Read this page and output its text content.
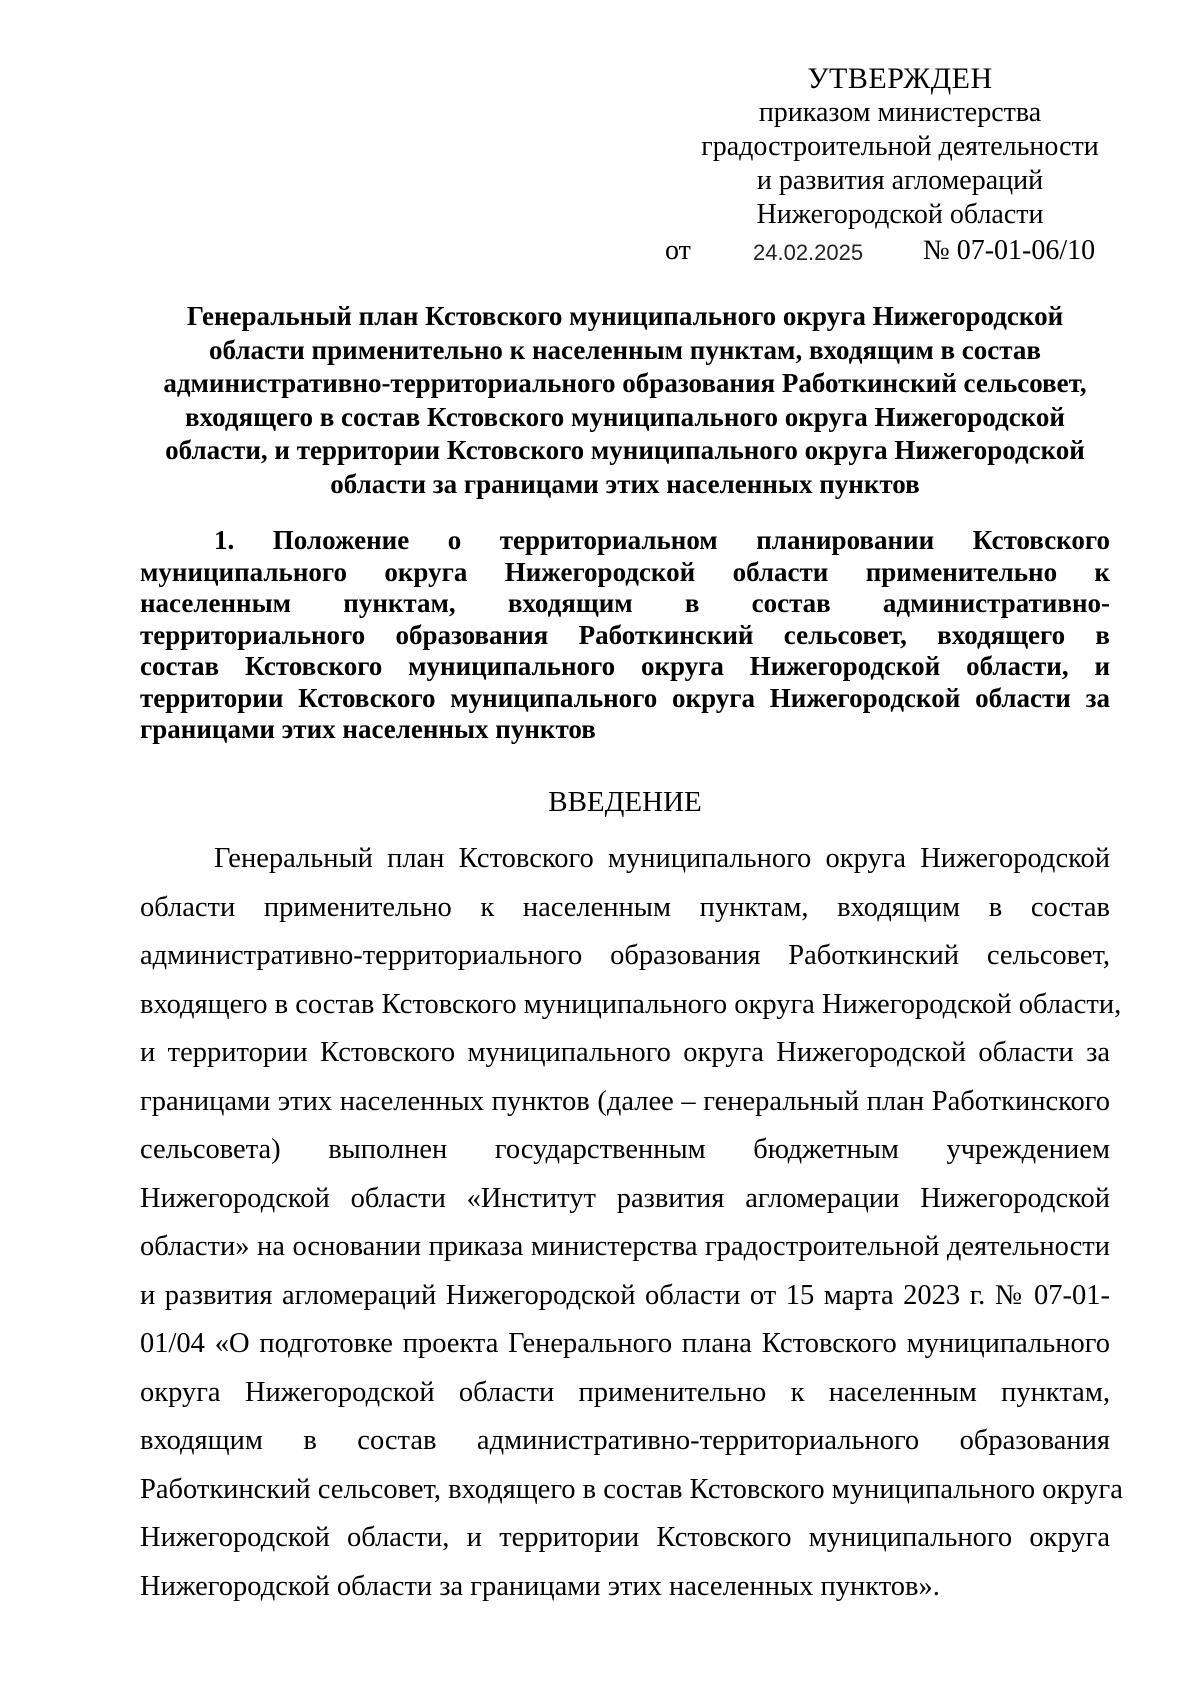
УТВЕРЖДЕН
приказом министерства
градостроительной деятельности
и развития агломераций
Нижегородской области
от	24.02.2025 № 07-01-06/10
Генеральный план Кстовского муниципального округа Нижегородской
области применительно к населенным пунктам, входящим в состав
административно-территориального образования Работкинский сельсовет,
входящего в состав Кстовского муниципального округа Нижегородской
области, и территории Кстовского муниципального округа Нижегородской
области за границами этих населенных пунктов
1. Положение о территориальном планировании Кстовского
муниципального округа Нижегородской области применительно к
населенным пунктам, входящим в состав административно-
территориального образования Работкинский сельсовет, входящего в
состав Кстовского муниципального округа Нижегородской области, и
территории Кстовского муниципального округа Нижегородской области за
границами этих населенных пунктов
ВВЕДЕНИЕ
Генеральный план Кстовского муниципального округа Нижегородской
области применительно к населенным пунктам, входящим в состав
административно-территориального образования Работкинский сельсовет,
входящего в состав Кстовского муниципального округа Нижегородской области,
и территории Кстовского муниципального округа Нижегородской области за
границами этих населенных пунктов (далее – генеральный план Работкинского
сельсовета) выполнен государственным бюджетным учреждением
Нижегородской области «Институт развития агломерации Нижегородской
области» на основании приказа министерства градостроительной деятельности
и развития агломераций Нижегородской области от 15 марта 2023 г. № 07-01-
01/04 «О подготовке проекта Генерального плана Кстовского муниципального
округа Нижегородской области применительно к населенным пунктам,
входящим в состав административно-территориального образования
Работкинский сельсовет, входящего в состав Кстовского муниципального округа
Нижегородской области, и территории Кстовского муниципального округа
Нижегородской области за границами этих населенных пунктов».
